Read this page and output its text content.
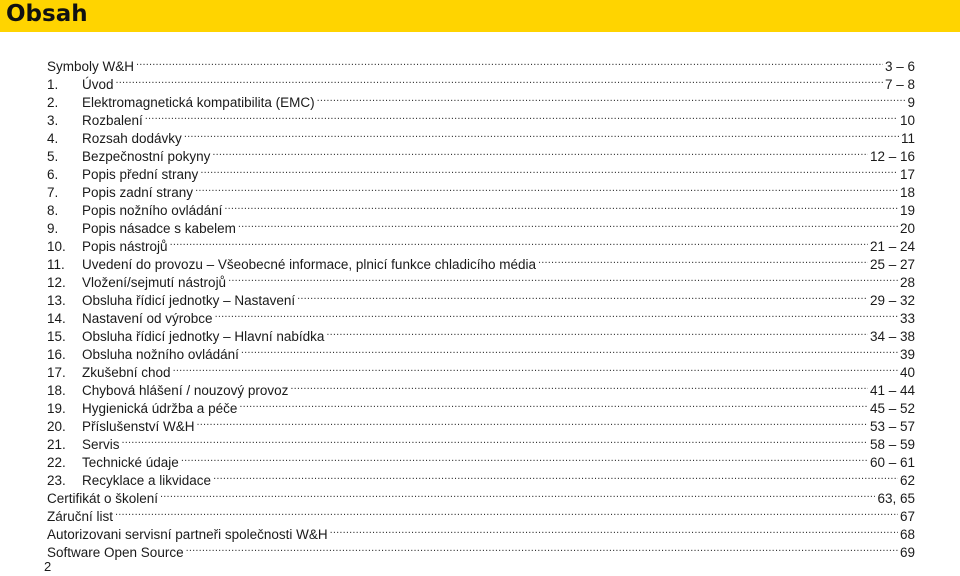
Obsah
Symboly W&H .....	3 – 6
1.	Úvod .....	7 – 8
2.	Elektromagnetická kompatibilita (EMC) .....	9
3.	Rozbalení .....	10
4.	Rozsah dodávky .....	11
5.	Bezpečnostní pokyny .....	12 – 16
6.	Popis přední strany .....	17
7.	Popis zadní strany .....	18
8.	Popis nožního ovládání .....	19
9.	Popis násadce s kabelem .....	20
10.	Popis nástrojů .....	21 – 24
11.	Uvedení do provozu – Všeobecné informace, plnicí funkce chladicího média .....	25 – 27
12.	Vložení/sejmutí nástrojů .....	28
13.	Obsluha řídicí jednotky – Nastavení .....	29 – 32
14.	Nastavení od výrobce .....	33
15.	Obsluha řídicí jednotky – Hlavní nabídka .....	34 – 38
16.	Obsluha nožního ovládání .....	39
17.	Zkušební chod .....	40
18.	Chybová hlášení / nouzový provoz .....	41 – 44
19.	Hygienická údržba a péče .....	45 – 52
20.	Příslušenství W&H .....	53 – 57
21.	Servis .....	58 – 59
22.	Technické údaje .....	60 – 61
23.	Recyklace a likvidace .....	62
Certifikát o školení .....	63, 65
Záruční list .....	67
Autorizovani servisní partneři společnosti W&H .....	68
Software Open Source .....	69
2
